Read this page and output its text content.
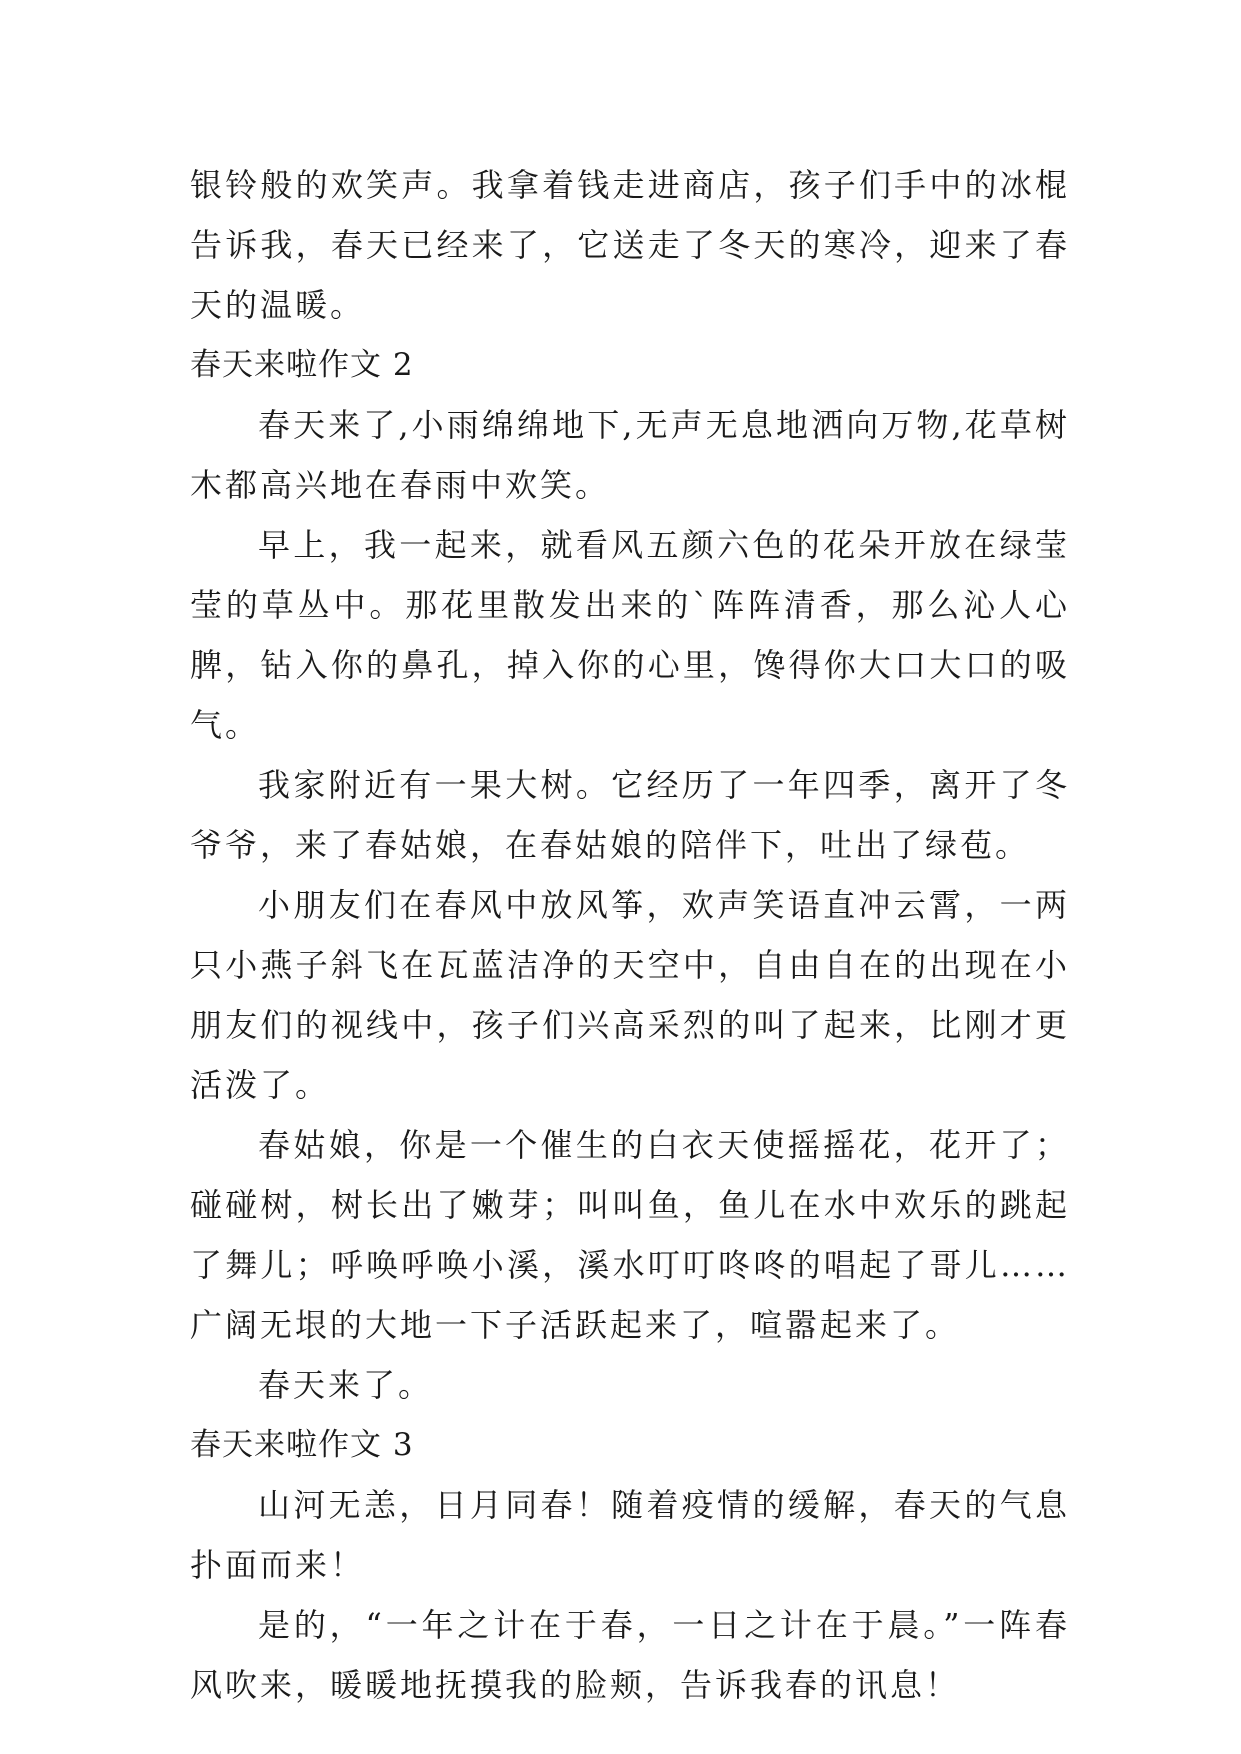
银铃般的欢笑声。我拿着钱走进商店，孩子们手中的冰棍告诉我，春天已经来了，它送走了冬天的寒冷，迎来了春天的温暖。

春天来啦作文 2

春天来了,小雨绵绵地下,无声无息地洒向万物,花草树木都高兴地在春雨中欢笑。

早上，我一起来，就看风五颜六色的花朵开放在绿莹莹的草丛中。那花里散发出来的`阵阵清香，那么沁人心脾，钻入你的鼻孔，掉入你的心里，馋得你大口大口的吸气。

我家附近有一果大树。它经历了一年四季，离开了冬爷爷，来了春姑娘，在春姑娘的陪伴下，吐出了绿苞。

小朋友们在春风中放风筝，欢声笑语直冲云霄，一两只小燕子斜飞在瓦蓝洁净的天空中，自由自在的出现在小朋友们的视线中，孩子们兴高采烈的叫了起来，比刚才更活泼了。

春姑娘，你是一个催生的白衣天使摇摇花，花开了；碰碰树，树长出了嫩芽；叫叫鱼，鱼儿在水中欢乐的跳起了舞儿；呼唤呼唤小溪，溪水叮叮咚咚的唱起了哥儿……广阔无垠的大地一下子活跃起来了，喧嚣起来了。

春天来了。

春天来啦作文 3

山河无恙，日月同春！随着疫情的缓解，春天的气息扑面而来！

是的，“一年之计在于春，一日之计在于晨。”一阵春风吹来，暖暖地抚摸我的脸颊，告诉我春的讯息！
